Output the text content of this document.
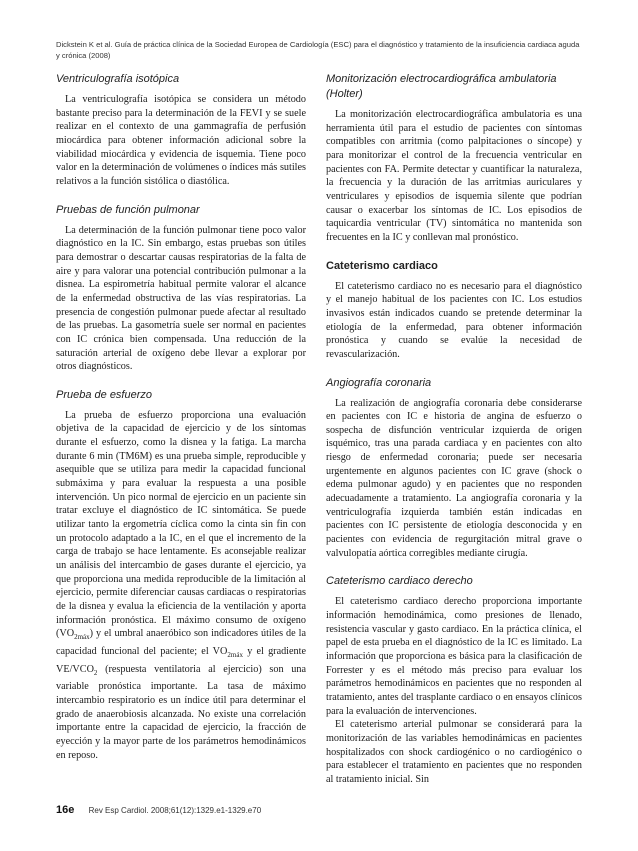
Dickstein K et al. Guía de práctica clínica de la Sociedad Europea de Cardiología (ESC) para el diagnóstico y tratamiento de la insuficiencia cardiaca aguda y crónica (2008)
Ventriculografía isotópica

La ventriculografía isotópica se considera un método bastante preciso para la determinación de la FEVI y se suele realizar en el contexto de una gammagrafía de perfusión miocárdica para obtener información adicional sobre la viabilidad miocárdica y evidencia de isquemia. Tiene poco valor en la determinación de volúmenes o índices más sutiles relativos a la función sistólica o diastólica.

Pruebas de función pulmonar

La determinación de la función pulmonar tiene poco valor diagnóstico en la IC. Sin embargo, estas pruebas son útiles para demostrar o descartar causas respiratorias de la falta de aire y para valorar una potencial contribución pulmonar a la disnea. La espirometría habitual permite valorar el alcance de la enfermedad obstructiva de las vías respiratorias. La presencia de congestión pulmonar puede afectar al resultado de las pruebas. La gasometría suele ser normal en pacientes con IC crónica bien compensada. Una reducción de la saturación arterial de oxígeno debe llevar a explorar por otros diagnósticos.

Prueba de esfuerzo

La prueba de esfuerzo proporciona una evaluación objetiva de la capacidad de ejercicio y de los síntomas durante el esfuerzo, como la disnea y la fatiga. La marcha durante 6 min (TM6M) es una prueba simple, reproducible y asequible que se utiliza para medir la capacidad funcional submáxima y para evaluar la respuesta a una posible intervención. Un pico normal de ejercicio en un paciente sin tratar excluye el diagnóstico de IC sintomática. Se puede utilizar tanto la ergometría cíclica como la cinta sin fin con un protocolo adaptado a la IC, en el que el incremento de la carga de trabajo se hace lentamente. Es aconsejable realizar un análisis del intercambio de gases durante el ejercicio, ya que proporciona una medida reproducible de la limitación al ejercicio, permite diferenciar causas cardiacas o respiratorias de la disnea y evalua la eficiencia de la ventilación y aporta información pronóstica. El máximo consumo de oxígeno $(VO_{2máx})$ y el umbral anaeróbico son indicadores útiles de la capacidad funcional del paciente; el $VO_{2máx}$ y el gradiente $VE/VCO_2$ (respuesta ventilatoria al ejercicio) son una variable pronóstica importante. La tasa de máximo intercambio respiratorio es un índice útil para determinar el grado de anaerobiosis alcanzada. No existe una correlación importante entre la capacidad de ejercicio, la fracción de eyección y la mayor parte de los parámetros hemodinámicos en reposo.

Monitorización electrocardiográfica ambulatoria (Holter)

La monitorización electrocardiográfica ambulatoria es una herramienta útil para el estudio de pacientes con síntomas compatibles con arritmia (como palpitaciones o síncope) y para monitorizar el control de la frecuencia ventricular en pacientes con FA. Permite detectar y cuantificar la naturaleza, la frecuencia y la duración de las arritmias auriculares y ventriculares y episodios de isquemia silente que podrían causar o exacerbar los síntomas de IC. Los episodios de taquicardia ventricular (TV) sintomática no mantenida son frecuentes en la IC y conllevan mal pronóstico.

Cateterismo cardiaco

El cateterismo cardiaco no es necesario para el diagnóstico y el manejo habitual de los pacientes con IC. Los estudios invasivos están indicados cuando se pretende determinar la etiología de la enfermedad, para obtener información pronóstica y cuando se evalúe la necesidad de revascularización.

Angiografía coronaria

La realización de angiografía coronaria debe considerarse en pacientes con IC e historia de angina de esfuerzo o sospecha de disfunción ventricular izquierda de origen isquémico, tras una parada cardiaca y en pacientes con alto riesgo de enfermedad coronaria; puede ser necesaria urgentemente en algunos pacientes con IC grave (shock o edema pulmonar agudo) y en pacientes que no responden adecuadamente a tratamiento. La angiografía coronaria y la ventriculografía izquierda también están indicadas en pacientes con IC persistente de etiología desconocida y en pacientes con evidencia de regurgitación mitral grave o valvulopatía aórtica corregibles mediante cirugía.

Cateterismo cardiaco derecho

El cateterismo cardiaco derecho proporciona importante información hemodinámica, como presiones de llenado, resistencia vascular y gasto cardiaco. En la práctica clínica, el papel de esta prueba en el diagnóstico de la IC es limitado. La información que proporciona es básica para la clasificación de Forrester y es el método más preciso para evaluar los parámetros hemodinámicos en pacientes que no responden al tratamiento, antes del trasplante cardiaco o en ensayos clínicos para la evaluación de intervenciones.

El cateterismo arterial pulmonar se considerará para la monitorización de las variables hemodinámicas en pacientes hospitalizados con shock cardiogénico o no cardiogénico o para establecer el tratamiento en pacientes que no responden al tratamiento inicial. Sin

16e Rev Esp Cardiol. 2008;61(12):1329.e1-1329.e70
